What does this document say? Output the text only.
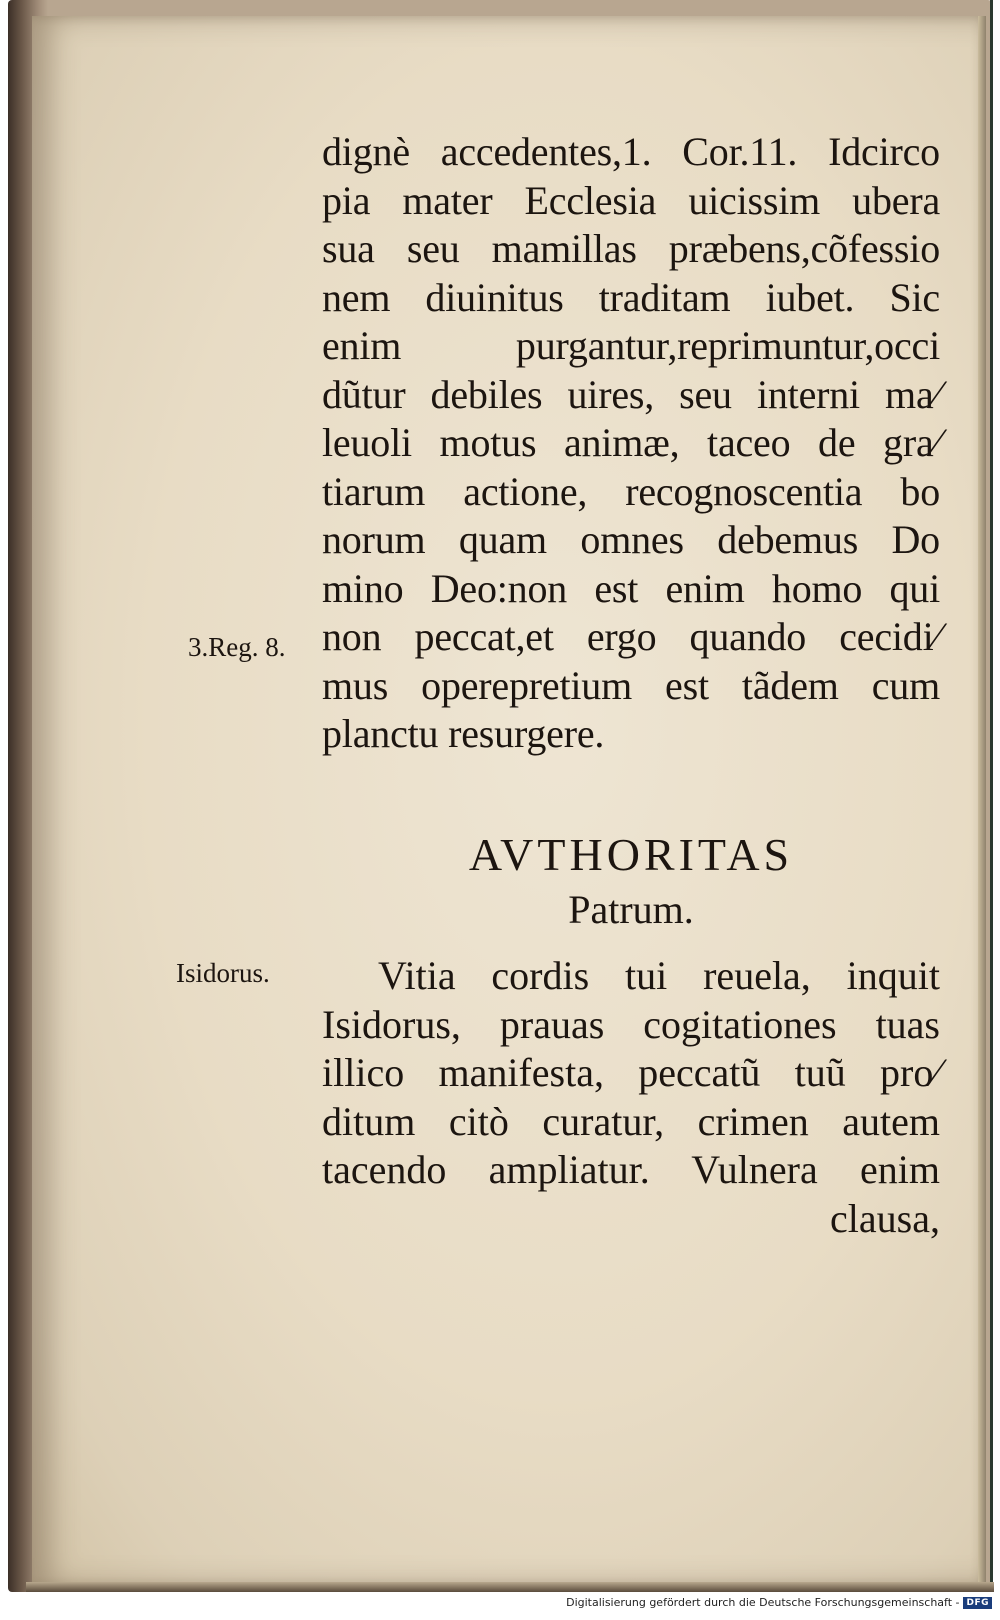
dignè accedentes,1. Cor.11. Idcirco
pia mater Ecclesia uicissim ubera
sua seu mamillas præbens,cõfessio
nem diuinitus traditam iubet. Sic
enim purgantur,reprimuntur,occi
dũtur debiles uires, seu interni ma⁄
leuoli motus animæ, taceo de gra⁄
tiarum actione, recognoscentia bo
norum quam omnes debemus Do
mino Deo:non est enim homo qui
non peccat,et ergo quando cecidi⁄
mus operepretium est tãdem cum
planctu resurgere.
3.Reg. 8.
AVTHORITAS
Patrum.
Isidorus.	Vitia cordis tui reuela, inquit
Isidorus, prauas cogitationes tuas
illico manifesta, peccatũ tuũ pro⁄
ditum citò curatur, crimen autem
tacendo ampliatur. Vulnera enim
clausa,
Digitalisierung gefördert durch die Deutsche Forschungsgemeinschaft - DFG
